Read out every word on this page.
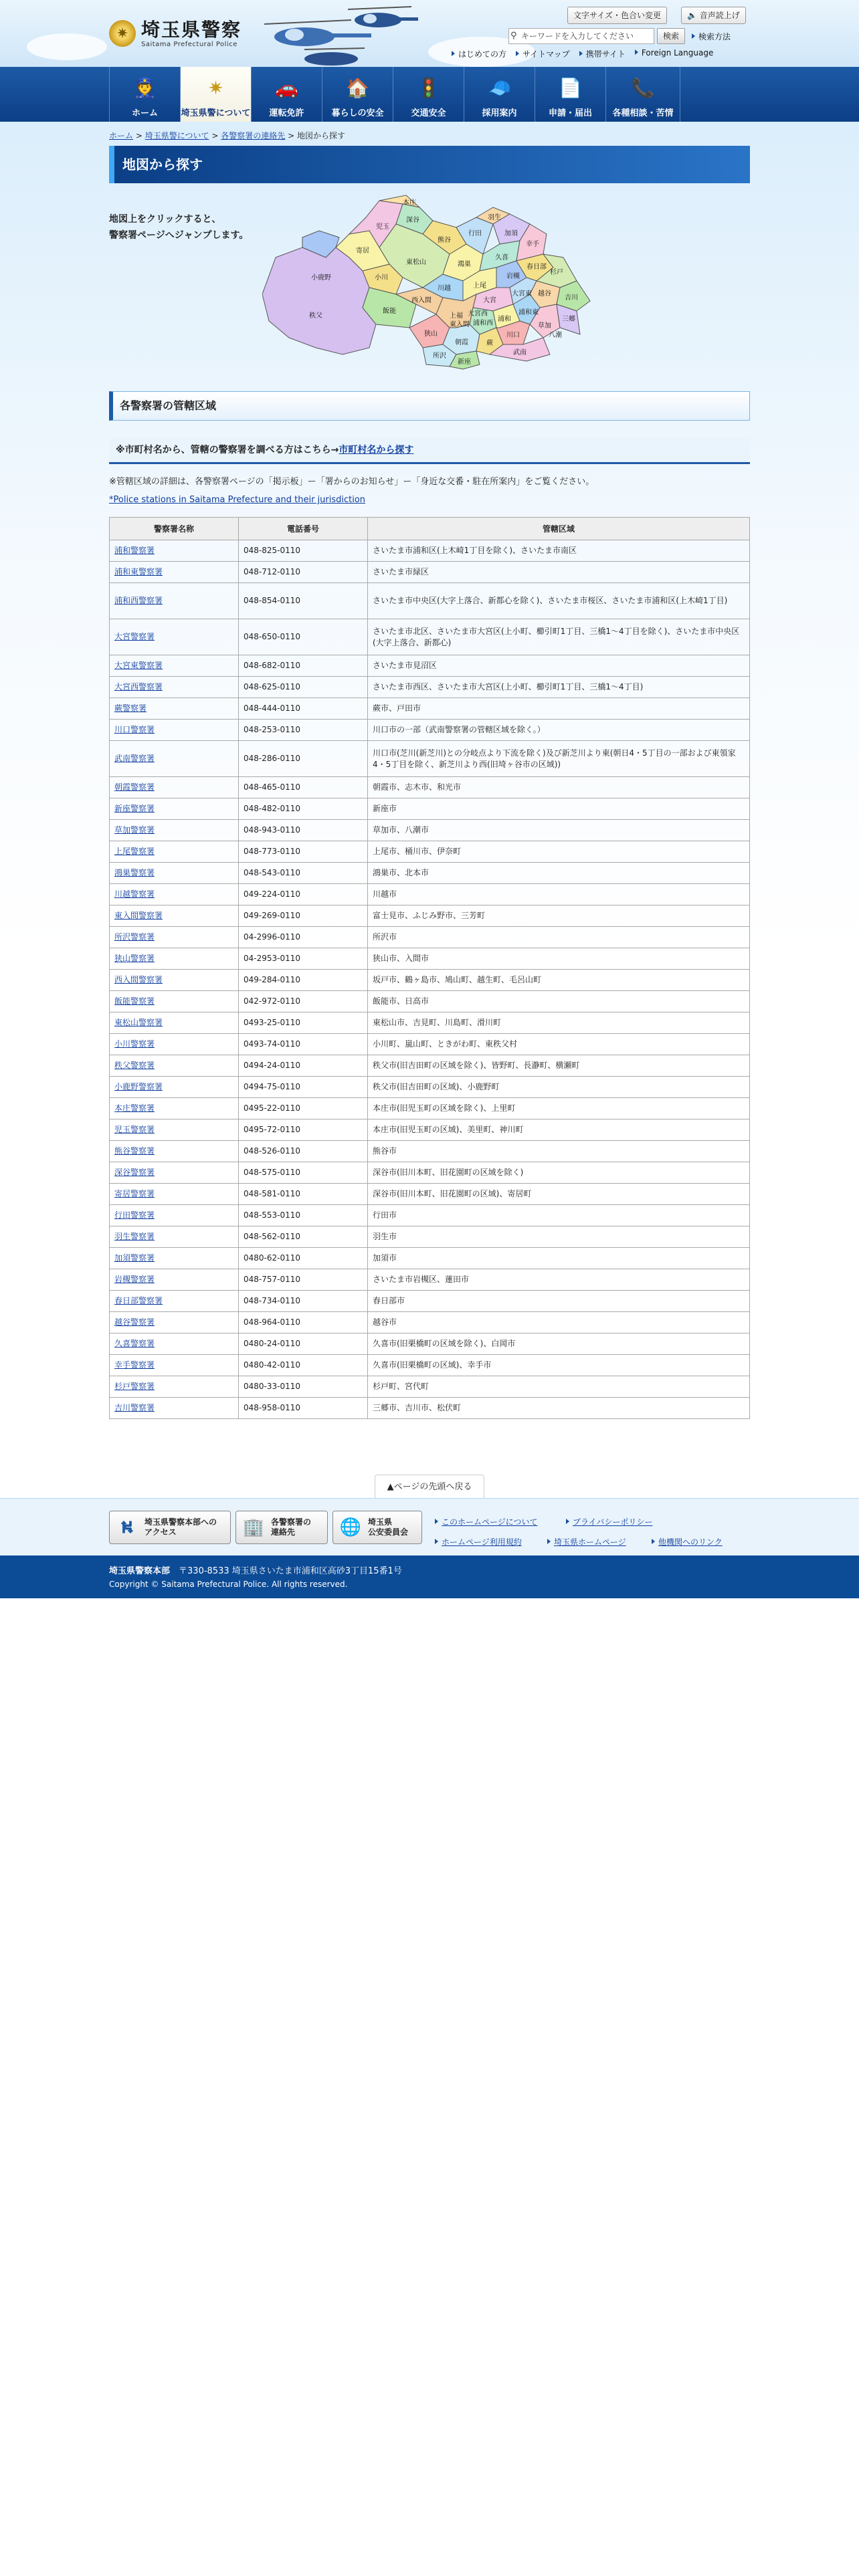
✷ 埼玉県警察
Saitama Prefectural Police
文字サイズ・色合い変更	🔈 音声読上げ
⚲ キーワードを入力してください	検索	検索方法
はじめての方	サイトマップ	携帯サイト	Foreign Language
👮
ホーム
✷
埼玉県警について
🚗
運転免許
🏠
暮らしの安全
🚦
交通安全
🧢
採用案内
📄
申請・届出
📞
各種相談・苦情
ホーム > 埼玉県警について > 各警察署の連絡先 > 地図から探す
地図から探す
地図上をクリックすると、
警察署ページへジャンプします。
本庄
児玉
深谷
寄居
熊谷
行田
羽生
加須
久喜
幸手
杉戸
春日部
吉川
越谷
草加
岩槻
上尾
鴻巣
東松山
小川
秩父
小鹿野
西入間
飯能
狭山
所沢
川越
大宮
浦和
川口
武南
朝霞
新座
蕨
上福
東入間 浦和西
浦和東
大宮東
大宮西
三郷
八潮
各警察署の管轄区域
※市町村名から、管轄の警察署を調べる方はこちら→市町村名から探す
※管轄区域の詳細は、各警察署ページの「掲示板」ー「署からのお知らせ」ー「身近な交番・駐在所案内」をご覧ください。
*Police stations in Saitama Prefecture and their jurisdiction
警察署名称	電話番号	管轄区域
浦和警察署	048-825-0110	さいたま市浦和区(上木崎1丁目を除く)、さいたま市南区
浦和東警察署	048-712-0110	さいたま市緑区
浦和西警察署	048-854-0110	さいたま市中央区(大字上落合、新都心を除く)、さいたま市桜区、さいたま市浦和区(上木崎1丁目)
大宮警察署	048-650-0110	さいたま市北区、さいたま市大宮区(上小町、櫛引町1丁目、三橋1〜4丁目を除く)、さいたま市中央区(大字上落合、新都心)
大宮東警察署	048-682-0110	さいたま市見沼区
大宮西警察署	048-625-0110	さいたま市西区、さいたま市大宮区(上小町、櫛引町1丁目、三橋1〜4丁目)
蕨警察署	048-444-0110	蕨市、戸田市
川口警察署	048-253-0110	川口市の一部（武南警察署の管轄区域を除く。）
武南警察署	048-286-0110	川口市(芝川(新芝川)との分岐点より下流を除く)及び新芝川より東(朝日4・5丁目の一部および東領家4・5丁目を除く、新芝川より西(旧埼ヶ谷市の区域))
朝霞警察署	048-465-0110	朝霞市、志木市、和光市
新座警察署	048-482-0110	新座市
草加警察署	048-943-0110	草加市、八潮市
上尾警察署	048-773-0110	上尾市、桶川市、伊奈町
鴻巣警察署	048-543-0110	鴻巣市、北本市
川越警察署	049-224-0110	川越市
東入間警察署	049-269-0110	富士見市、ふじみ野市、三芳町
所沢警察署	04-2996-0110	所沢市
狭山警察署	04-2953-0110	狭山市、入間市
西入間警察署	049-284-0110	坂戸市、鶴ヶ島市、鳩山町、越生町、毛呂山町
飯能警察署	042-972-0110	飯能市、日高市
東松山警察署	0493-25-0110	東松山市、吉見町、川島町、滑川町
小川警察署	0493-74-0110	小川町、嵐山町、ときがわ町、東秩父村
秩父警察署	0494-24-0110	秩父市(旧吉田町の区域を除く)、皆野町、長瀞町、横瀬町
小鹿野警察署	0494-75-0110	秩父市(旧吉田町の区域)、小鹿野町
本庄警察署	0495-22-0110	本庄市(旧児玉町の区域を除く)、上里町
児玉警察署	0495-72-0110	本庄市(旧児玉町の区域)、美里町、神川町
熊谷警察署	048-526-0110	熊谷市
深谷警察署	048-575-0110	深谷市(旧川本町、旧花園町の区域を除く)
寄居警察署	048-581-0110	深谷市(旧川本町、旧花園町の区域)、寄居町
行田警察署	048-553-0110	行田市
羽生警察署	048-562-0110	羽生市
加須警察署	0480-62-0110	加須市
岩槻警察署	048-757-0110	さいたま市岩槻区、蓮田市
春日部警察署	048-734-0110	春日部市
越谷警察署	048-964-0110	越谷市
久喜警察署	0480-24-0110	久喜市(旧栗橋町の区域を除く)、白岡市
幸手警察署	0480-42-0110	久喜市(旧栗橋町の区域)、幸手市
杉戸警察署	0480-33-0110	杉戸町、宮代町
吉川警察署	048-958-0110	三郷市、吉川市、松伏町
▲ページの先頭へ戻る
⛕	埼玉県警察本部への
アクセス	🏢 各警察署の
連絡先	🌐 埼玉県
公安委員会
このホームページについて	プライバシーポリシー
ホームページ利用規約	埼玉県ホームページ	他機関へのリンク
埼玉県警察本部　 〒330-8533 埼玉県さいたま市浦和区高砂3丁目15番1号
Copyright © Saitama Prefectural Police. All rights reserved.
